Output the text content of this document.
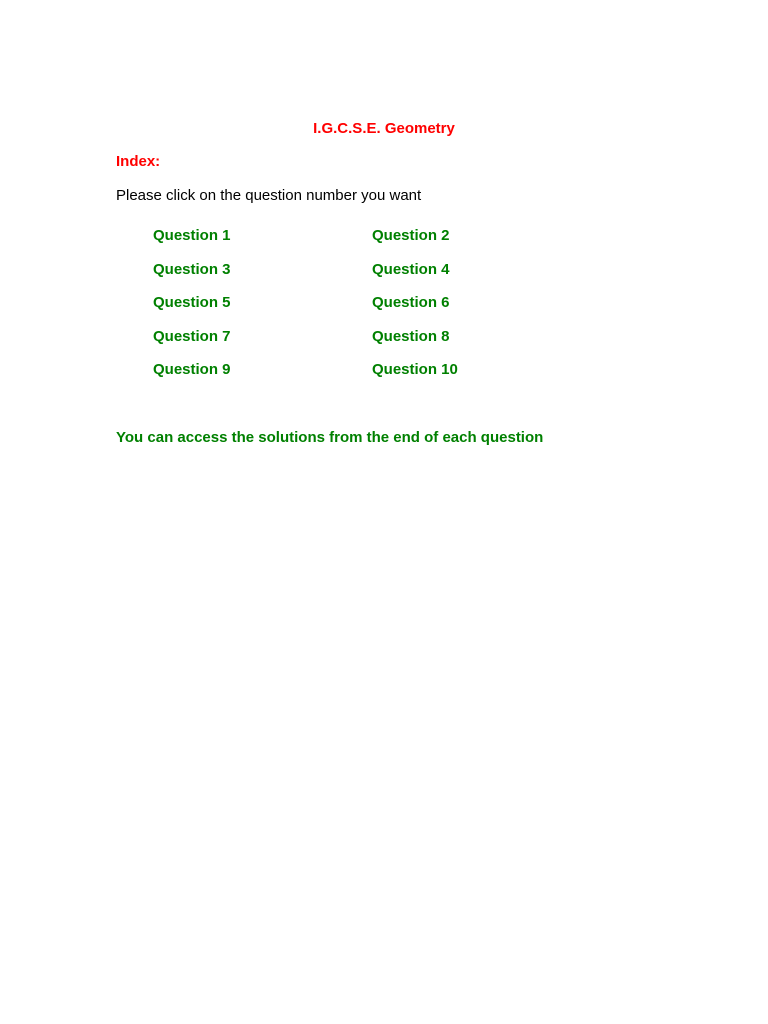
I.G.C.S.E. Geometry
Index:
Please click on the question number you want
Question 1	Question 2
Question 3	Question 4
Question 5	Question 6
Question 7	Question 8
Question 9	Question 10
You can access the solutions from the end of each question
